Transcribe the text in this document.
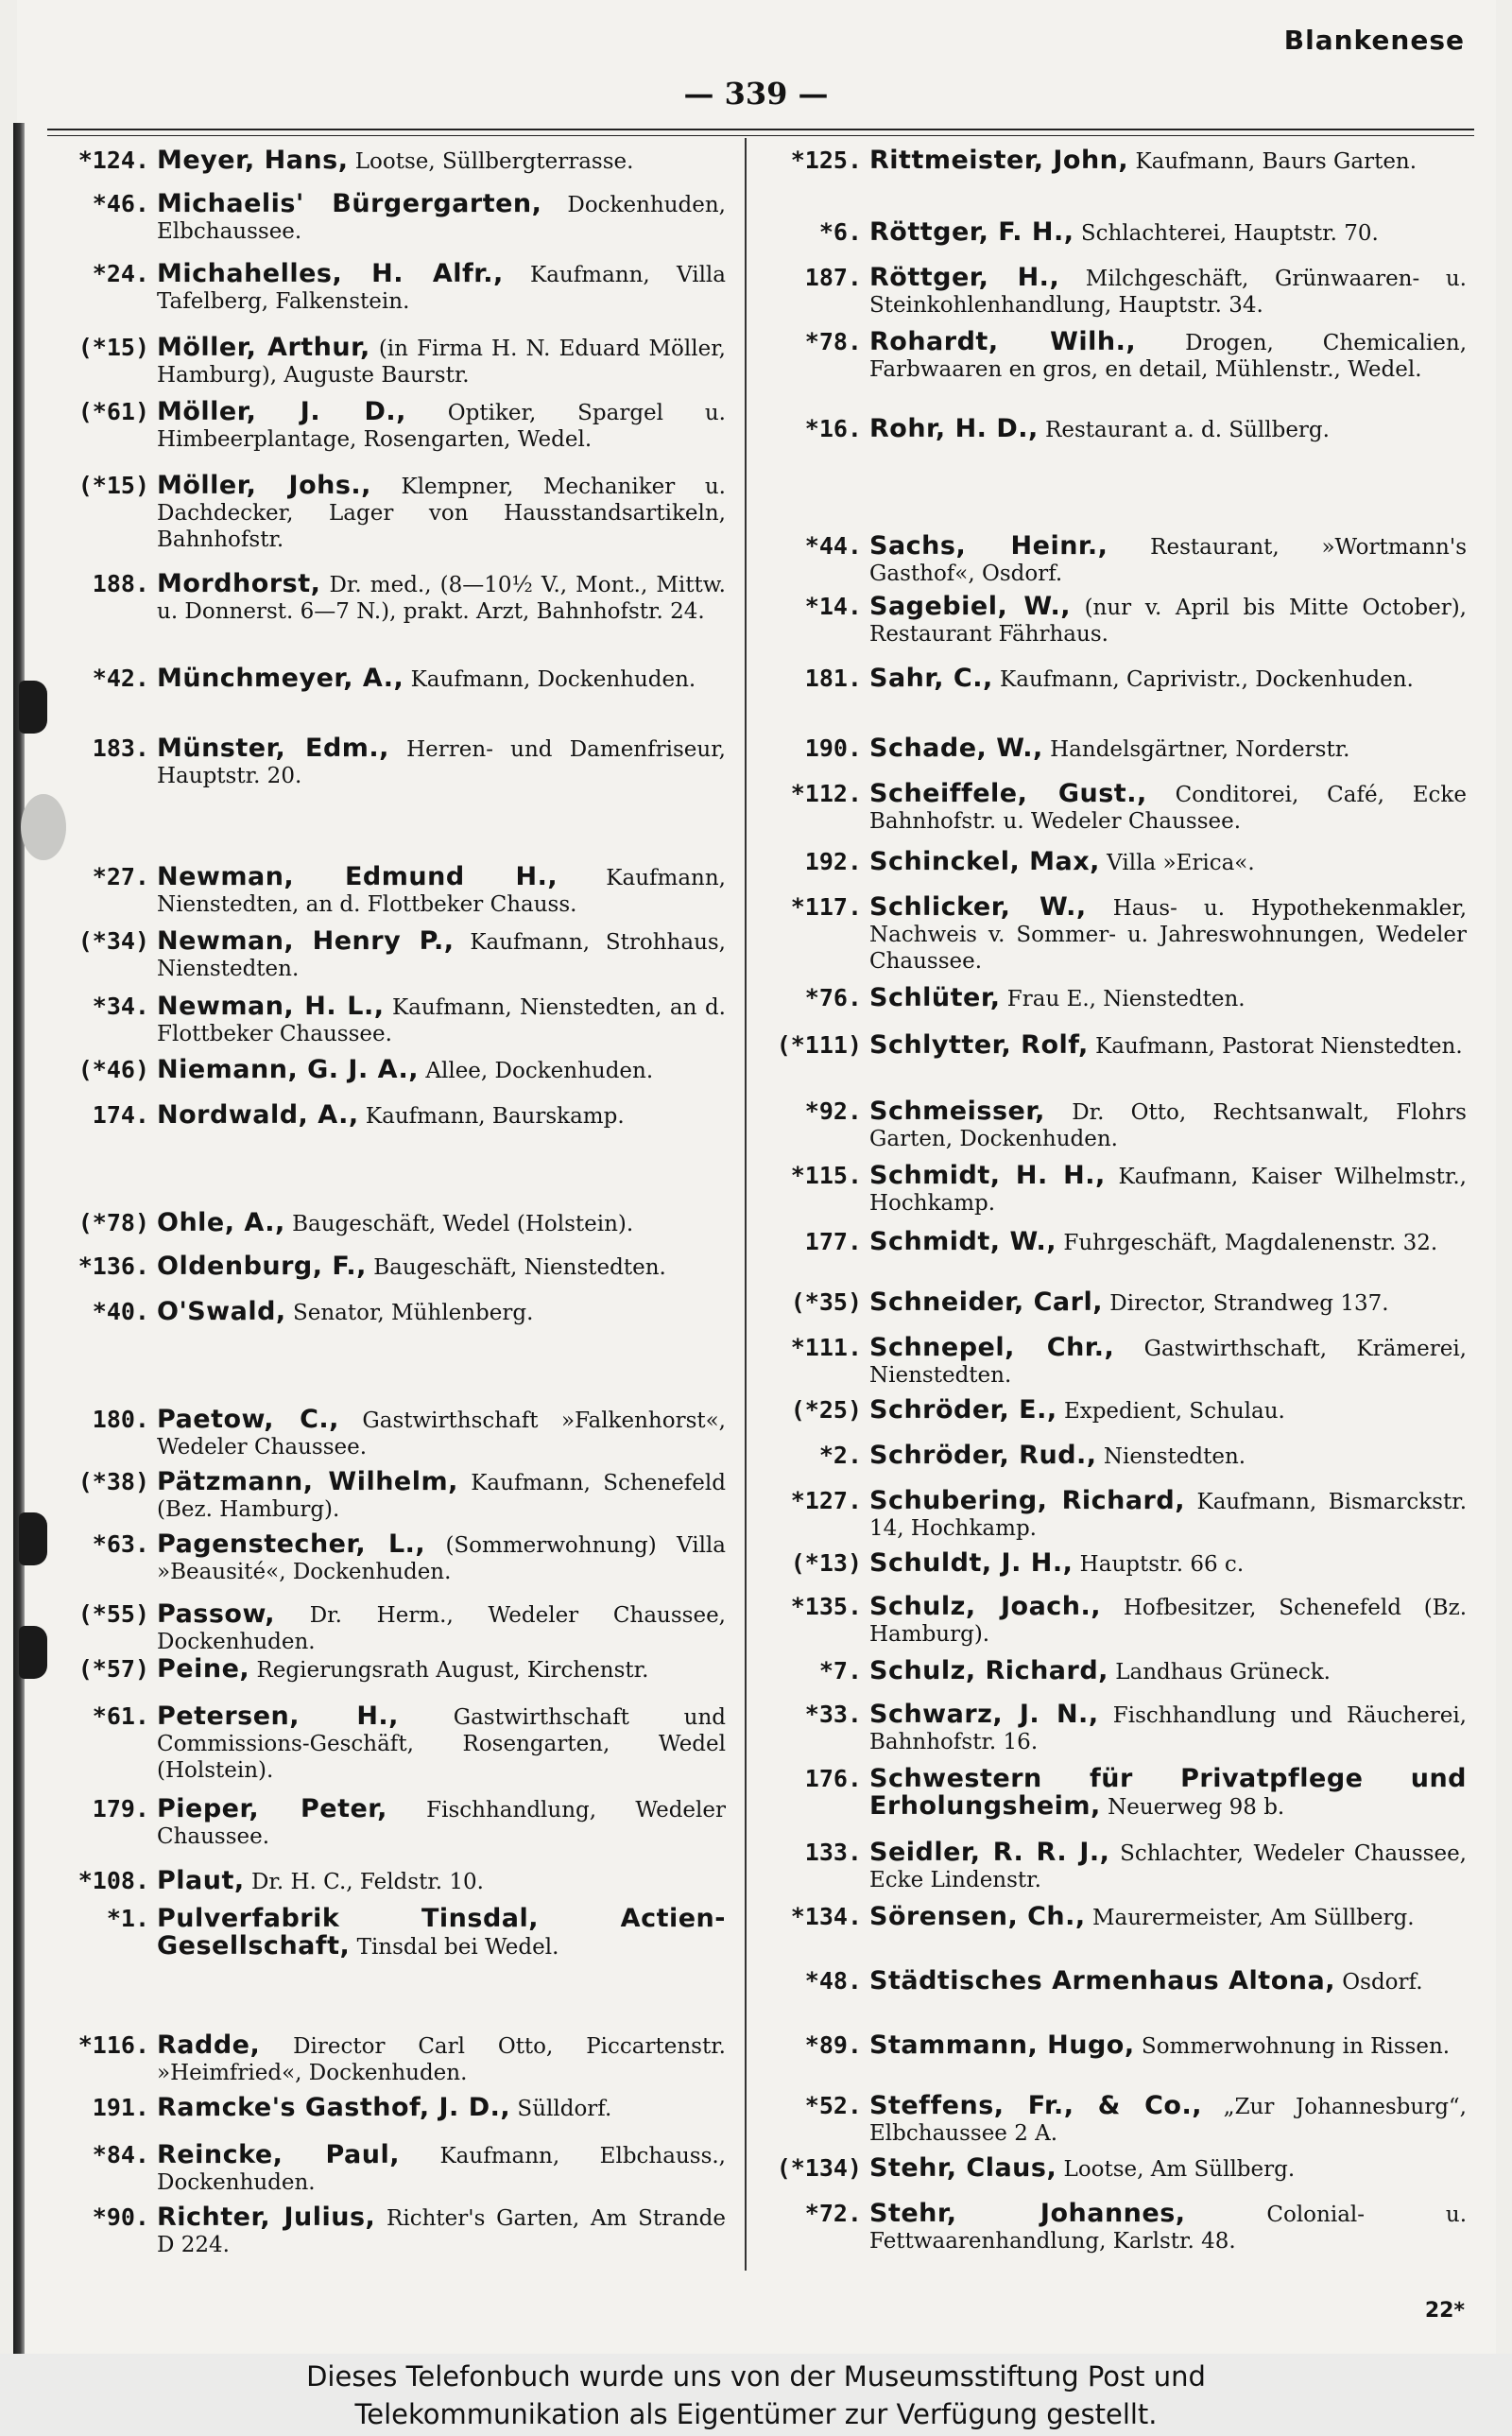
Blankenese
— 339 —
*124. Meyer, Hans, Lootse, Süllbergterrasse.
*46. Michaelis' Bürgergarten, Dockenhuden, Elbchaussee.
*24. Michahelles, H. Alfr., Kaufmann, Villa Tafelberg, Falkenstein.
(*15) Möller, Arthur, (in Firma H. N. Eduard Möller, Hamburg), Auguste Baurstr.
(*61) Möller, J. D., Optiker, Spargel u. Himbeerplantage, Rosengarten, Wedel.
(*15) Möller, Johs., Klempner, Mechaniker u. Dachdecker, Lager von Hausstandsartikeln, Bahnhofstr.
188. Mordhorst, Dr. med., (8—10½ V., Mont., Mittw. u. Donnerst. 6—7 N.), prakt. Arzt, Bahnhofstr. 24.
*42. Münchmeyer, A., Kaufmann, Dockenhuden.
183. Münster, Edm., Herren- und Damenfriseur, Hauptstr. 20.
*27. Newman, Edmund H., Kaufmann, Nienstedten, an d. Flottbeker Chauss.
(*34) Newman, Henry P., Kaufmann, Strohhaus, Nienstedten.
*34. Newman, H. L., Kaufmann, Nienstedten, an d. Flottbeker Chaussee.
(*46) Niemann, G. J. A., Allee, Dockenhuden.
174. Nordwald, A., Kaufmann, Baurskamp.
(*78) Ohle, A., Baugeschäft, Wedel (Holstein).
*136. Oldenburg, F., Baugeschäft, Nienstedten.
*40. O'Swald, Senator, Mühlenberg.
180. Paetow, C., Gastwirthschaft »Falkenhorst«, Wedeler Chaussee.
(*38) Pätzmann, Wilhelm, Kaufmann, Schenefeld (Bez. Hamburg).
*63. Pagenstecher, L., (Sommerwohnung) Villa »Beausité«, Dockenhuden.
(*55) Passow, Dr. Herm., Wedeler Chaussee, Dockenhuden.
(*57) Peine, Regierungsrath August, Kirchenstr.
*61. Petersen, H., Gastwirthschaft und Commissions-Geschäft, Rosengarten, Wedel (Holstein).
179. Pieper, Peter, Fischhandlung, Wedeler Chaussee.
*108. Plaut, Dr. H. C., Feldstr. 10.
*1. Pulverfabrik Tinsdal, Actien-Gesellschaft, Tinsdal bei Wedel.
*116. Radde, Director Carl Otto, Piccartenstr. »Heimfried«, Dockenhuden.
191. Ramcke's Gasthof, J. D., Sülldorf.
*84. Reincke, Paul, Kaufmann, Elbchauss., Dockenhuden.
*90. Richter, Julius, Richter's Garten, Am Strande D 224.
*125. Rittmeister, John, Kaufmann, Baurs Garten.
*6. Röttger, F. H., Schlachterei, Hauptstr. 70.
187. Röttger, H., Milchgeschäft, Grünwaaren- u. Steinkohlenhandlung, Hauptstr. 34.
*78. Rohardt, Wilh., Drogen, Chemicalien, Farbwaaren en gros, en detail, Mühlenstr., Wedel.
*16. Rohr, H. D., Restaurant a. d. Süllberg.
*44. Sachs, Heinr., Restaurant, »Wortmann's Gasthof«, Osdorf.
*14. Sagebiel, W., (nur v. April bis Mitte October), Restaurant Fährhaus.
181. Sahr, C., Kaufmann, Caprivistr., Dockenhuden.
190. Schade, W., Handelsgärtner, Norderstr.
*112. Scheiffele, Gust., Conditorei, Café, Ecke Bahnhofstr. u. Wedeler Chaussee.
192. Schinckel, Max, Villa »Erica«.
*117. Schlicker, W., Haus- u. Hypothekenmakler, Nachweis v. Sommer- u. Jahreswohnungen, Wedeler Chaussee.
*76. Schlüter, Frau E., Nienstedten.
(*111) Schlytter, Rolf, Kaufmann, Pastorat Nienstedten.
*92. Schmeisser, Dr. Otto, Rechtsanwalt, Flohrs Garten, Dockenhuden.
*115. Schmidt, H. H., Kaufmann, Kaiser Wilhelmstr., Hochkamp.
177. Schmidt, W., Fuhrgeschäft, Magdalenenstr. 32.
(*35) Schneider, Carl, Director, Strandweg 137.
*111. Schnepel, Chr., Gastwirthschaft, Krämerei, Nienstedten.
(*25) Schröder, E., Expedient, Schulau.
*2. Schröder, Rud., Nienstedten.
*127. Schubering, Richard, Kaufmann, Bismarckstr. 14, Hochkamp.
(*13) Schuldt, J. H., Hauptstr. 66 c.
*135. Schulz, Joach., Hofbesitzer, Schenefeld (Bz. Hamburg).
*7. Schulz, Richard, Landhaus Grüneck.
*33. Schwarz, J. N., Fischhandlung und Räucherei, Bahnhofstr. 16.
176. Schwestern für Privatpflege und Erholungsheim, Neuerweg 98 b.
133. Seidler, R. R. J., Schlachter, Wedeler Chaussee, Ecke Lindenstr.
*134. Sörensen, Ch., Maurermeister, Am Süllberg.
*48. Städtisches Armenhaus Altona, Osdorf.
*89. Stammann, Hugo, Sommerwohnung in Rissen.
*52. Steffens, Fr., & Co., „Zur Johannesburg“, Elbchaussee 2 A.
(*134) Stehr, Claus, Lootse, Am Süllberg.
*72. Stehr, Johannes, Colonial- u. Fettwaarenhandlung, Karlstr. 48.
22*
Dieses Telefonbuch wurde uns von der Museumsstiftung Post und
Telekommunikation als Eigentümer zur Verfügung gestellt.
